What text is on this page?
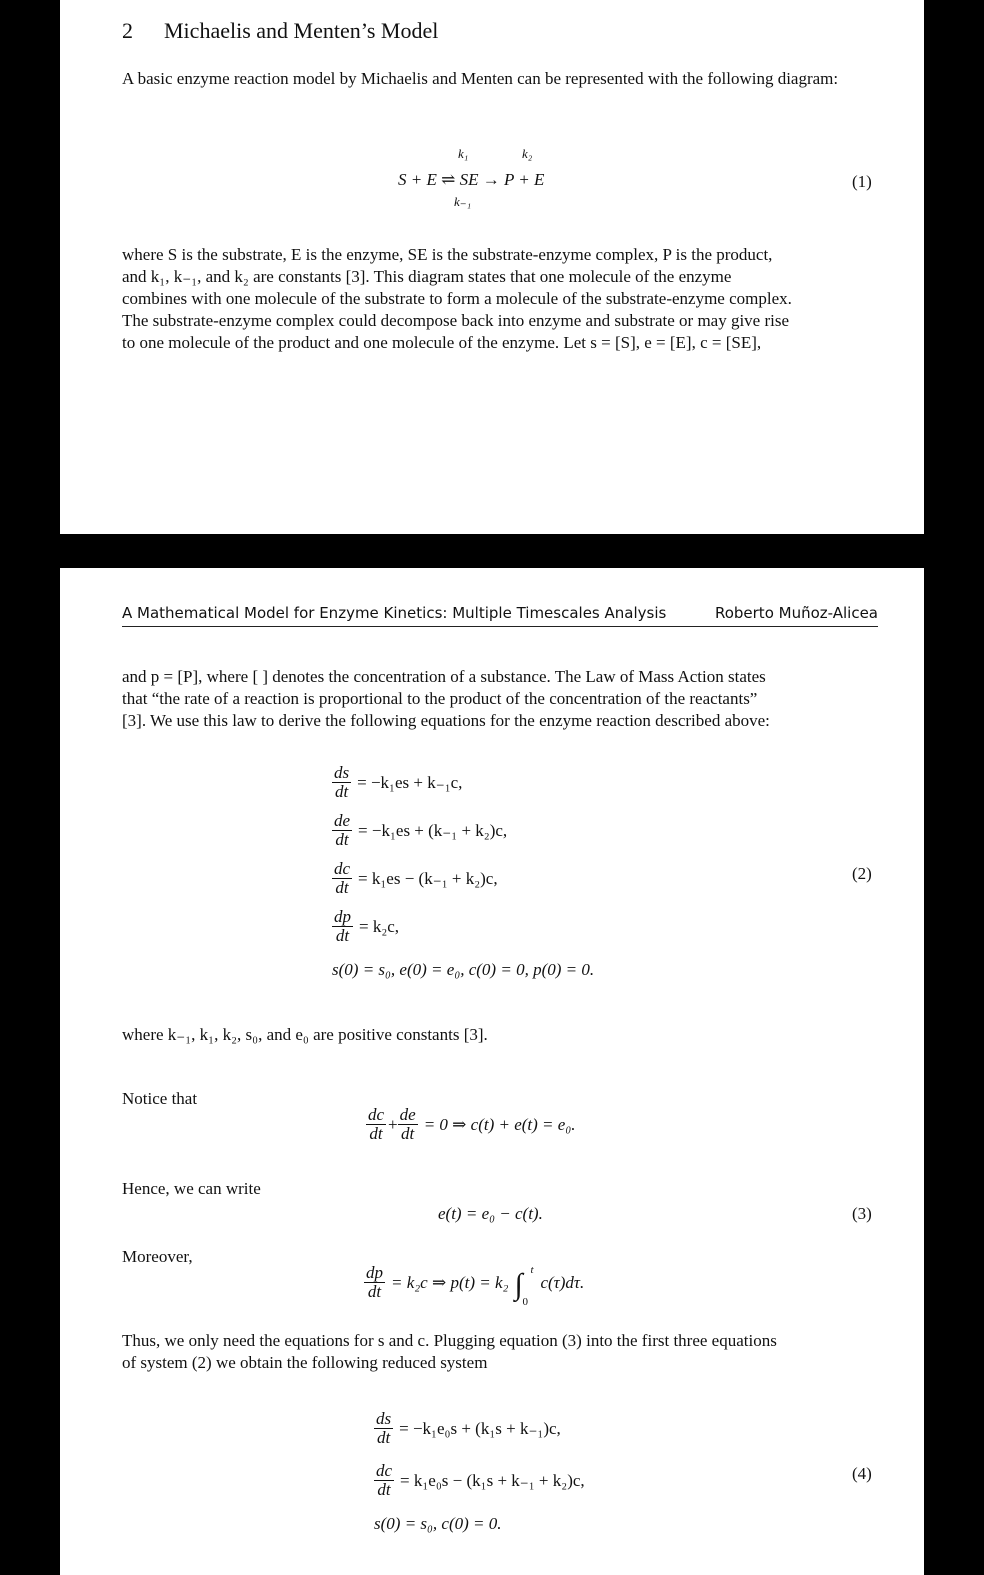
2 Michaelis and Menten’s Model

A basic enzyme reaction model by Michaelis and Menten can be represented with the following diagram:

k₁	k₂
S + E ⇌ SE → P + E
k₋₁
(1)

where S is the substrate, E is the enzyme, SE is the substrate-enzyme complex, P is the product,

and k₁, k₋₁, and k₂ are constants [3]. This diagram states that one molecule of the enzyme

combines with one molecule of the substrate to form a molecule of the substrate-enzyme complex.

The substrate-enzyme complex could decompose back into enzyme and substrate or may give rise

to one molecule of the product and one molecule of the enzyme. Let s = [S], e = [E], c = [SE],

A Mathematical Model for Enzyme Kinetics: Multiple Timescales Analysis	Roberto Muñoz-Alicea

and p = [P], where [ ] denotes the concentration of a substance. The Law of Mass Action states

that “the rate of a reaction is proportional to the product of the concentration of the reactants”

[3]. We use this law to derive the following equations for the enzyme reaction described above:

$\frac{ds}{dt} = -k_1es + k_{-1}c$,
$\frac{de}{dt} = -k_1es + (k_{-1} + k_2)c$,
$\frac{dc}{dt} = k_1es - (k_{-1} + k_2)c$,
$\frac{dp}{dt} = k_2c$,
s(0) = s₀, e(0) = e₀, c(0) = 0, p(0) = 0.
(2)
where k₋₁, k₁, k₂, s₀, and e₀ are positive constants [3].
Notice that
$\frac{dc}{dt} + \frac{de}{dt} = 0$ ⇒ c(t) + e(t) = e₀.
Hence, we can write
e(t) = e₀ − c(t).	(3)
Moreover,
$\frac{dp}{dt} = k_2c$ ⇒ p(t) = k₂ ∫ t
0
c(τ)dτ.

Thus, we only need the equations for s and c. Plugging equation (3) into the first three equations

of system (2) we obtain the following reduced system

$\frac{ds}{dt} = -k_1e_0s + (k_1s + k_{-1})c$,
$\frac{dc}{dt} = k_1e_0s - (k_1s + k_{-1} + k_2)c$,
s(0) = s₀, c(0) = 0.
(4)
